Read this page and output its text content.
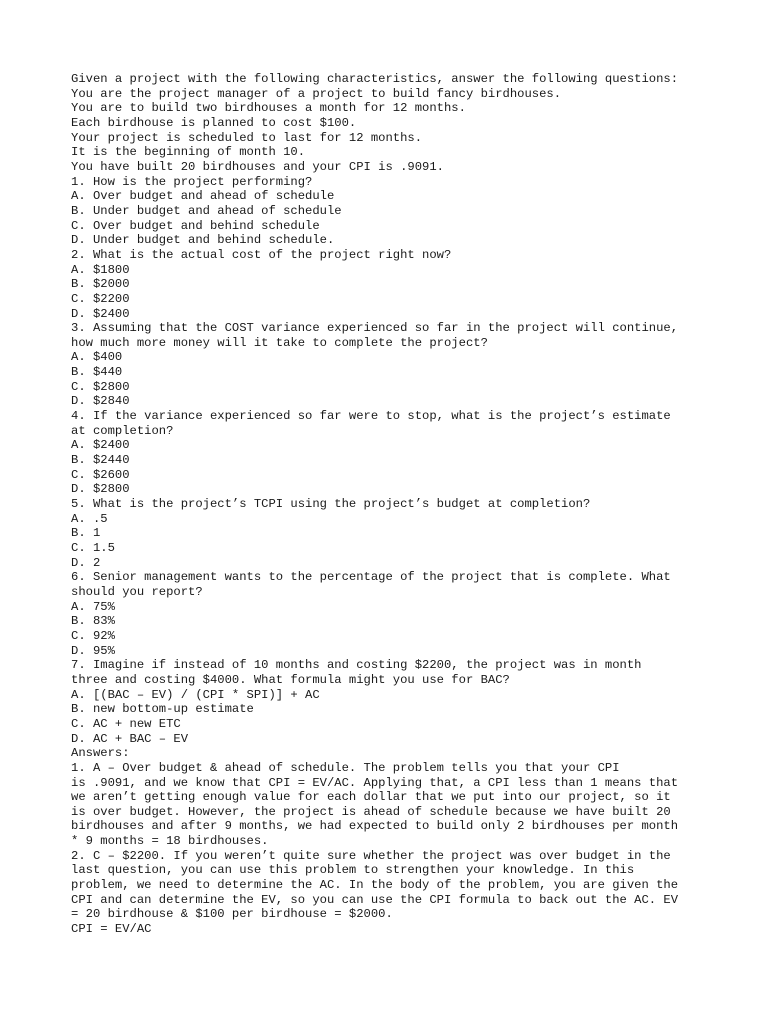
Given a project with the following characteristics, answer the following questions:
You are the project manager of a project to build fancy birdhouses.
You are to build two birdhouses a month for 12 months.
Each birdhouse is planned to cost $100.
Your project is scheduled to last for 12 months.
It is the beginning of month 10.
You have built 20 birdhouses and your CPI is .9091.
1. How is the project performing?
A. Over budget and ahead of schedule
B. Under budget and ahead of schedule
C. Over budget and behind schedule
D. Under budget and behind schedule.
2. What is the actual cost of the project right now?
A. $1800
B. $2000
C. $2200
D. $2400
3. Assuming that the COST variance experienced so far in the project will continue,
how much more money will it take to complete the project?
A. $400
B. $440
C. $2800
D. $2840
4. If the variance experienced so far were to stop, what is the project’s estimate
at completion?
A. $2400
B. $2440
C. $2600
D. $2800
5. What is the project’s TCPI using the project’s budget at completion?
A. .5
B. 1
C. 1.5
D. 2
6. Senior management wants to the percentage of the project that is complete. What
should you report?
A. 75%
B. 83%
C. 92%
D. 95%
7. Imagine if instead of 10 months and costing $2200, the project was in month
three and costing $4000. What formula might you use for BAC?
A. [(BAC – EV) / (CPI * SPI)] + AC
B. new bottom-up estimate
C. AC + new ETC
D. AC + BAC – EV
Answers:
1. A – Over budget & ahead of schedule. The problem tells you that your CPI
is .9091, and we know that CPI = EV/AC. Applying that, a CPI less than 1 means that
we aren’t getting enough value for each dollar that we put into our project, so it
is over budget. However, the project is ahead of schedule because we have built 20
birdhouses and after 9 months, we had expected to build only 2 birdhouses per month
* 9 months = 18 birdhouses.
2. C – $2200. If you weren’t quite sure whether the project was over budget in the
last question, you can use this problem to strengthen your knowledge. In this
problem, we need to determine the AC. In the body of the problem, you are given the
CPI and can determine the EV, so you can use the CPI formula to back out the AC. EV
= 20 birdhouse & $100 per birdhouse = $2000.
CPI = EV/AC
